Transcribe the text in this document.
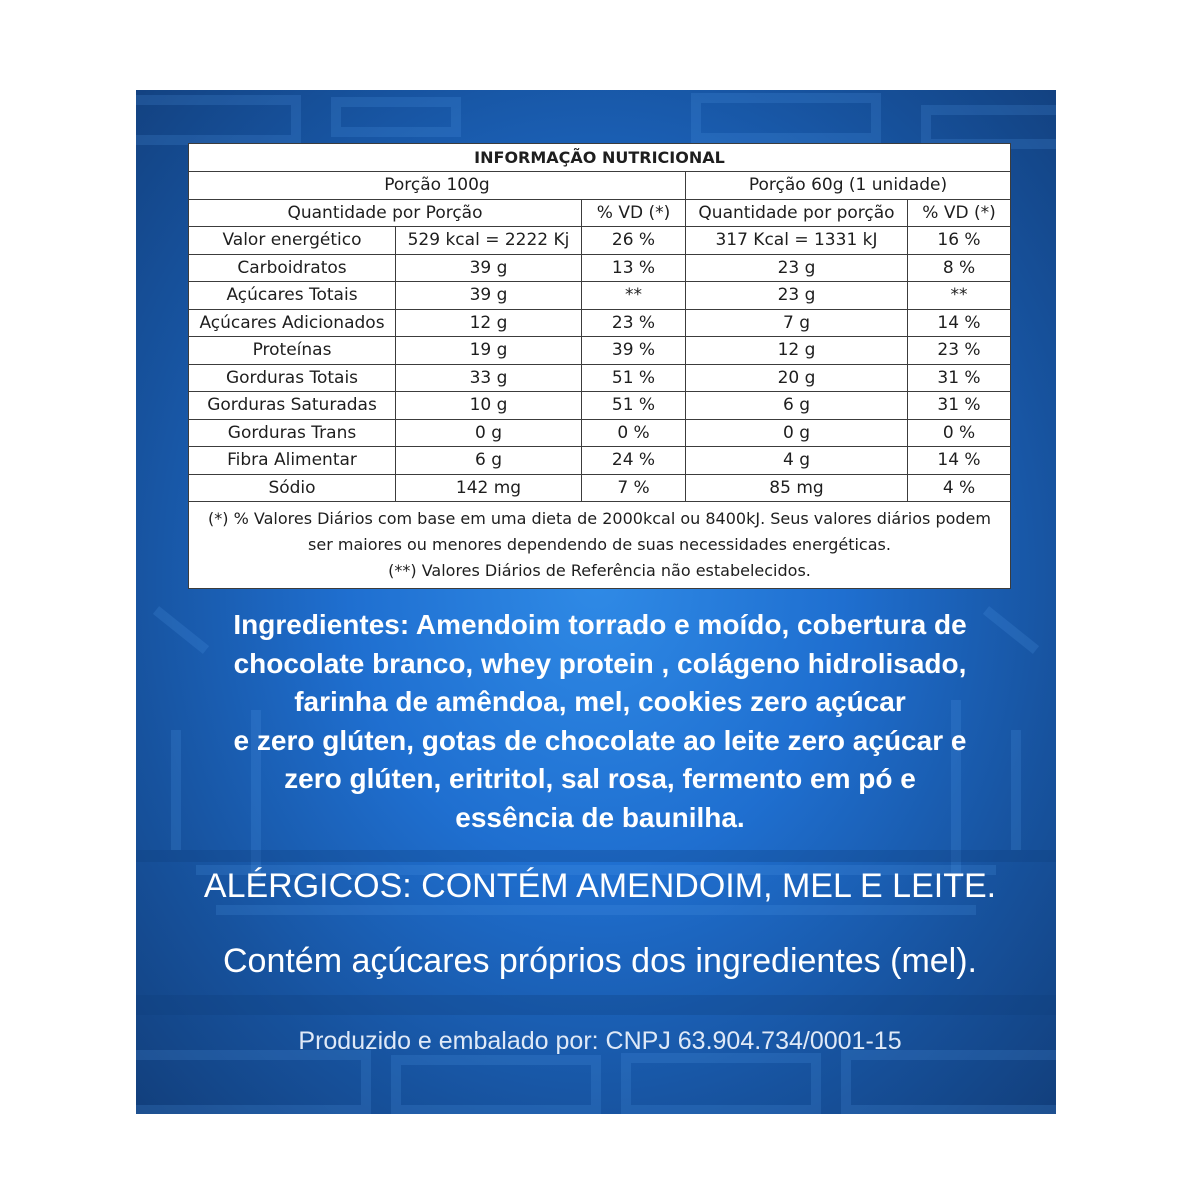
INFORMAÇÃO NUTRICIONAL				
Porção 100g			Porção 60g (1 unidade)	
Quantidade por Porção		% VD (*)	Quantidade por porção	% VD (*)
Valor energético	529 kcal = 2222 Kj	26 %	317 Kcal = 1331 kJ	16 %
Carboidratos	39 g	13 %	23 g	8 %
Açúcares Totais	39 g	**	23 g	**
Açúcares Adicionados	12 g	23 %	7 g	14 %
Proteínas	19 g	39 %	12 g	23 %
Gorduras Totais	33 g	51 %	20 g	31 %
Gorduras Saturadas	10 g	51 %	6 g	31 %
Gorduras Trans	0 g	0 %	0 g	0 %
Fibra Alimentar	6 g	24 %	4 g	14 %
Sódio	142 mg	7 %	85 mg	4 %

(*) % Valores Diários com base em uma dieta de 2000kcal ou 8400kJ. Seus valores diários podem
ser maiores ou menores dependendo de suas necessidades energéticas.
(**) Valores Diários de Referência não estabelecidos.				
Ingredientes: Amendoim torrado e moído, cobertura de
chocolate branco, whey protein , colágeno hidrolisado,
farinha de amêndoa, mel, cookies zero açúcar
e zero glúten, gotas de chocolate ao leite zero açúcar e
zero glúten, eritritol, sal rosa, fermento em pó e
essência de baunilha.
ALÉRGICOS: CONTÉM AMENDOIM, MEL E LEITE.
Contém açúcares próprios dos ingredientes (mel).
Produzido e embalado por: CNPJ 63.904.734/0001-15
